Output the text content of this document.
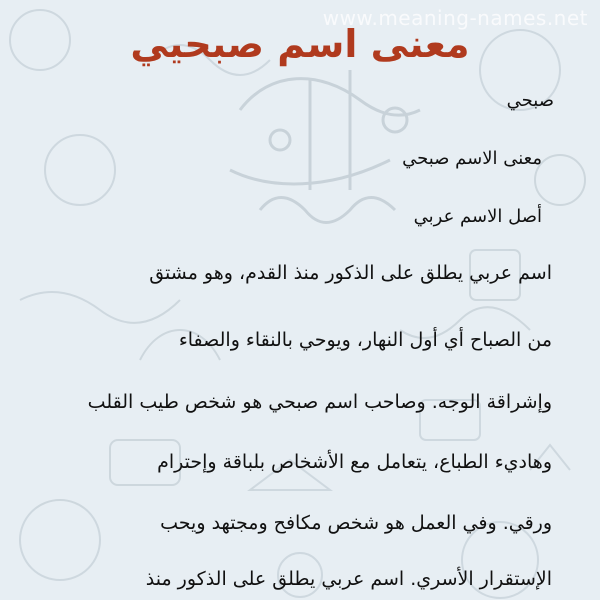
www.meaning-names.net
معنى اسم صبحيي
صبحي
معنى الاسم صبحي
أصل الاسم عربي
اسم عربي يطلق على الذكور منذ القدم، وهو مشتق
من الصباح أي أول النهار، ويوحي بالنقاء والصفاء
وإشراقة الوجه. وصاحب اسم صبحي هو شخص طيب القلب
وهاديء الطباع، يتعامل مع الأشخاص بلباقة وإحترام
ورقي. وفي العمل هو شخص مكافح ومجتهد ويحب
الإستقرار الأسري. اسم عربي يطلق على الذكور منذ
